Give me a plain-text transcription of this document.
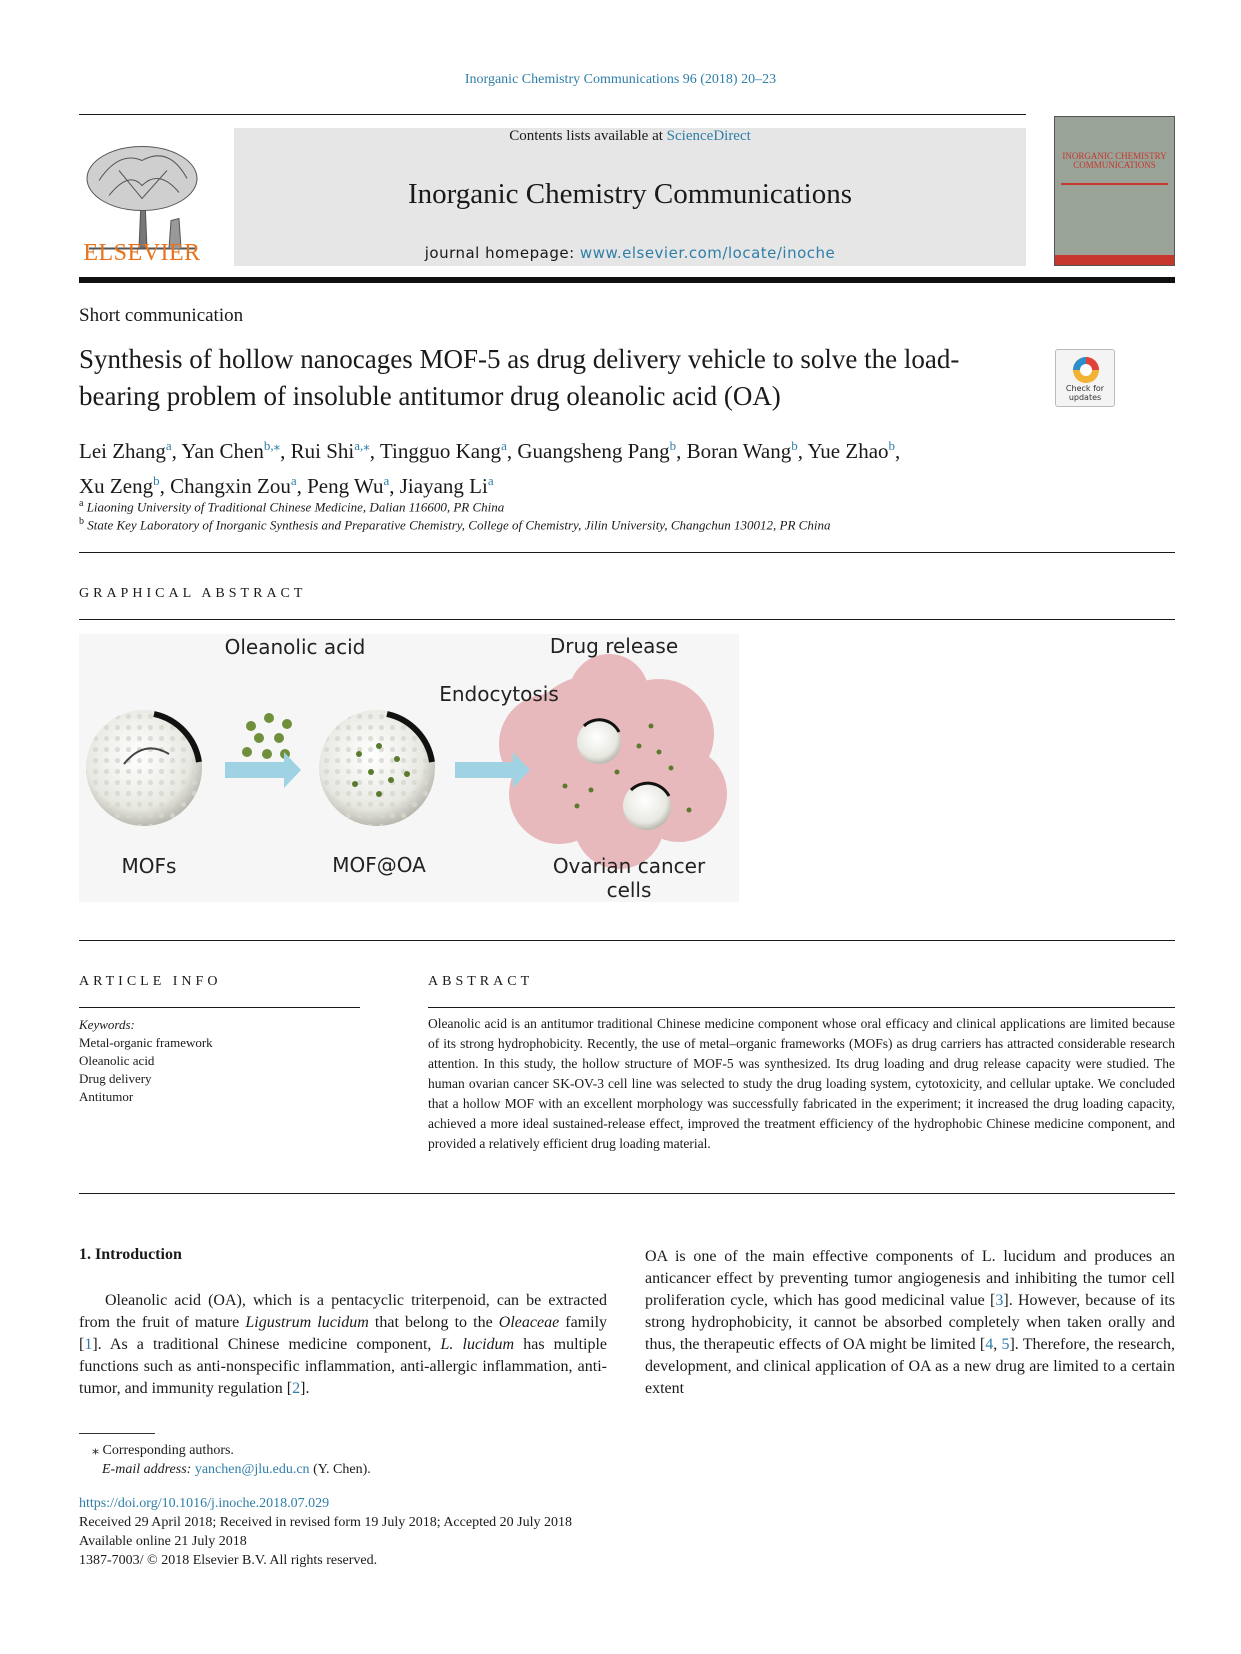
Inorganic Chemistry Communications 96 (2018) 20–23
ELSEVIER
Contents lists available at ScienceDirect
Inorganic Chemistry Communications
journal homepage: www.elsevier.com/locate/inoche
INORGANIC CHEMISTRY COMMUNICATIONS
Short communication
Synthesis of hollow nanocages MOF-5 as drug delivery vehicle to solve the load-bearing problem of insoluble antitumor drug oleanolic acid (OA)	Check for updates
Lei Zhang$^a$, Yan Chen$^{b,⁎}$, Rui Shi$^{a,⁎}$, Tingguo Kang$^a$, Guangsheng Pang$^b$, Boran Wang$^b$, Yue Zhao$^b$,
Xu Zeng$^b$, Changxin Zou$^a$, Peng Wu$^a$, Jiayang Li$^a$
$^a$ Liaoning University of Traditional Chinese Medicine, Dalian 116600, PR China
$^b$ State Key Laboratory of Inorganic Synthesis and Preparative Chemistry, College of Chemistry, Jilin University, Changchun 130012, PR China
GRAPHICAL ABSTRACT
Oleanolic acid
Endocytosis
Drug release
MOFs	MOF@OA	Ovarian cancer cells
ARTICLE INFO
Keywords:
Metal-organic framework
Oleanolic acid
Drug delivery
Antitumor
ABSTRACT
Oleanolic acid is an antitumor traditional Chinese medicine component whose oral efficacy and clinical applications are limited because of its strong hydrophobicity. Recently, the use of metal–organic frameworks (MOFs) as drug carriers has attracted considerable research attention. In this study, the hollow structure of MOF-5 was synthesized. Its drug loading and drug release capacity were studied. The human ovarian cancer SK-OV-3 cell line was selected to study the drug loading system, cytotoxicity, and cellular uptake. We concluded that a hollow MOF with an excellent morphology was successfully fabricated in the experiment; it increased the drug loading capacity, achieved a more ideal sustained-release effect, improved the treatment efficiency of the hydrophobic Chinese medicine component, and provided a relatively efficient drug loading material.
1. Introduction
Oleanolic acid (OA), which is a pentacyclic triterpenoid, can be extracted from the fruit of mature Ligustrum lucidum that belong to the Oleaceae family [1]. As a traditional Chinese medicine component, L. lucidum has multiple functions such as anti-nonspecific inflammation, anti-allergic inflammation, anti-tumor, and immunity regulation [2].
OA is one of the main effective components of L. lucidum and produces an anticancer effect by preventing tumor angiogenesis and inhibiting the tumor cell proliferation cycle, which has good medicinal value [3]. However, because of its strong hydrophobicity, it cannot be absorbed completely when taken orally and thus, the therapeutic effects of OA might be limited [4, 5]. Therefore, the research, development, and clinical application of OA as a new drug are limited to a certain extent
⁎ Corresponding authors.
E-mail address: yanchen@jlu.edu.cn (Y. Chen).
https://doi.org/10.1016/j.inoche.2018.07.029
Received 29 April 2018; Received in revised form 19 July 2018; Accepted 20 July 2018
Available online 21 July 2018
1387-7003/ © 2018 Elsevier B.V. All rights reserved.
